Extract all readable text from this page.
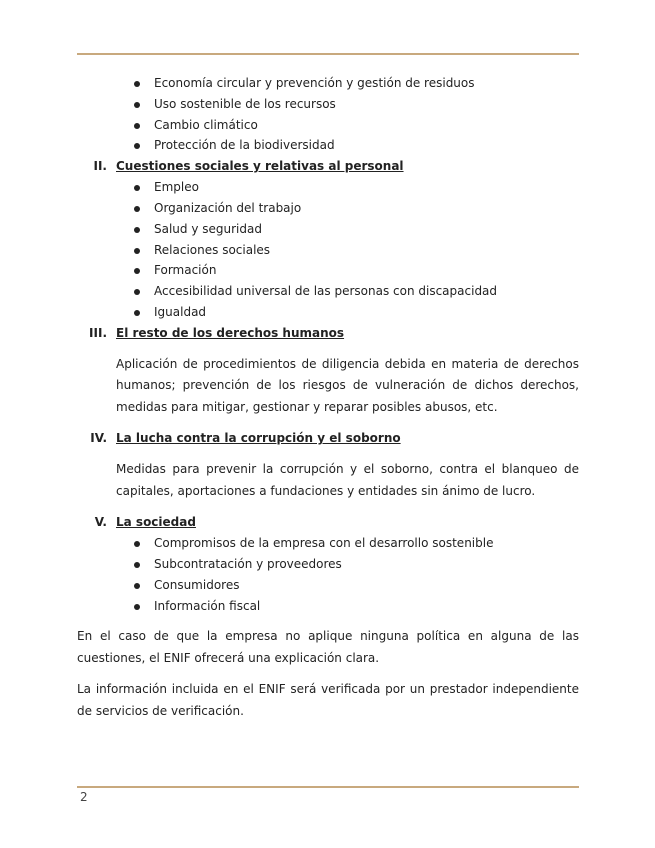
Economía circular y prevención y gestión de residuos
Uso sostenible de los recursos
Cambio climático
Protección de la biodiversidad
II. Cuestiones sociales y relativas al personal
Empleo
Organización del trabajo
Salud y seguridad
Relaciones sociales
Formación
Accesibilidad universal de las personas con discapacidad
Igualdad
III. El resto de los derechos humanos

Aplicación de procedimientos de diligencia debida en materia de derechos humanos; prevención de los riesgos de vulneración de dichos derechos, medidas para mitigar, gestionar y reparar posibles abusos, etc.

IV. La lucha contra la corrupción y el soborno

Medidas para prevenir la corrupción y el soborno, contra el blanqueo de capitales, aportaciones a fundaciones y entidades sin ánimo de lucro.

V. La sociedad
Compromisos de la empresa con el desarrollo sostenible
Subcontratación y proveedores
Consumidores
Información fiscal

En el caso de que la empresa no aplique ninguna política en alguna de las cuestiones, el ENIF ofrecerá una explicación clara.

La información incluida en el ENIF será verificada por un prestador independiente de servicios de verificación.

2
